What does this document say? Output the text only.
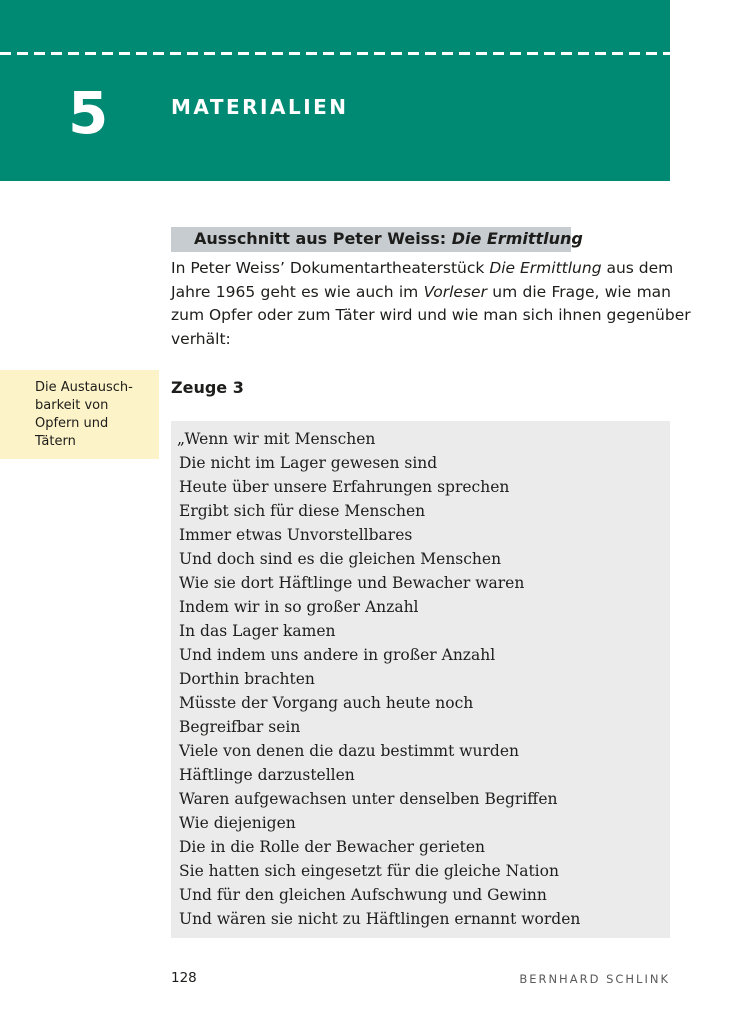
5	MATERIALIEN
Ausschnitt aus Peter Weiss: Die Ermittlung

In Peter Weiss’ Dokumentartheaterstück Die Ermittlung aus dem

Jahre 1965 geht es wie auch im Vorleser um die Frage, wie man

zum Opfer oder zum Täter wird und wie man sich ihnen gegenüber

verhält:

Die Austausch-
barkeit von
Opfern und
Tätern
Zeuge 3
„Wenn wir mit Menschen
Die nicht im Lager gewesen sind
Heute über unsere Erfahrungen sprechen
Ergibt sich für diese Menschen
Immer etwas Unvorstellbares
Und doch sind es die gleichen Menschen
Wie sie dort Häftlinge und Bewacher waren
Indem wir in so großer Anzahl
In das Lager kamen
Und indem uns andere in großer Anzahl
Dorthin brachten
Müsste der Vorgang auch heute noch
Begreifbar sein
Viele von denen die dazu bestimmt wurden
Häftlinge darzustellen
Waren aufgewachsen unter denselben Begriffen
Wie diejenigen
Die in die Rolle der Bewacher gerieten
Sie hatten sich eingesetzt für die gleiche Nation
Und für den gleichen Aufschwung und Gewinn
Und wären sie nicht zu Häftlingen ernannt worden
128	BERNHARD SCHLINK
